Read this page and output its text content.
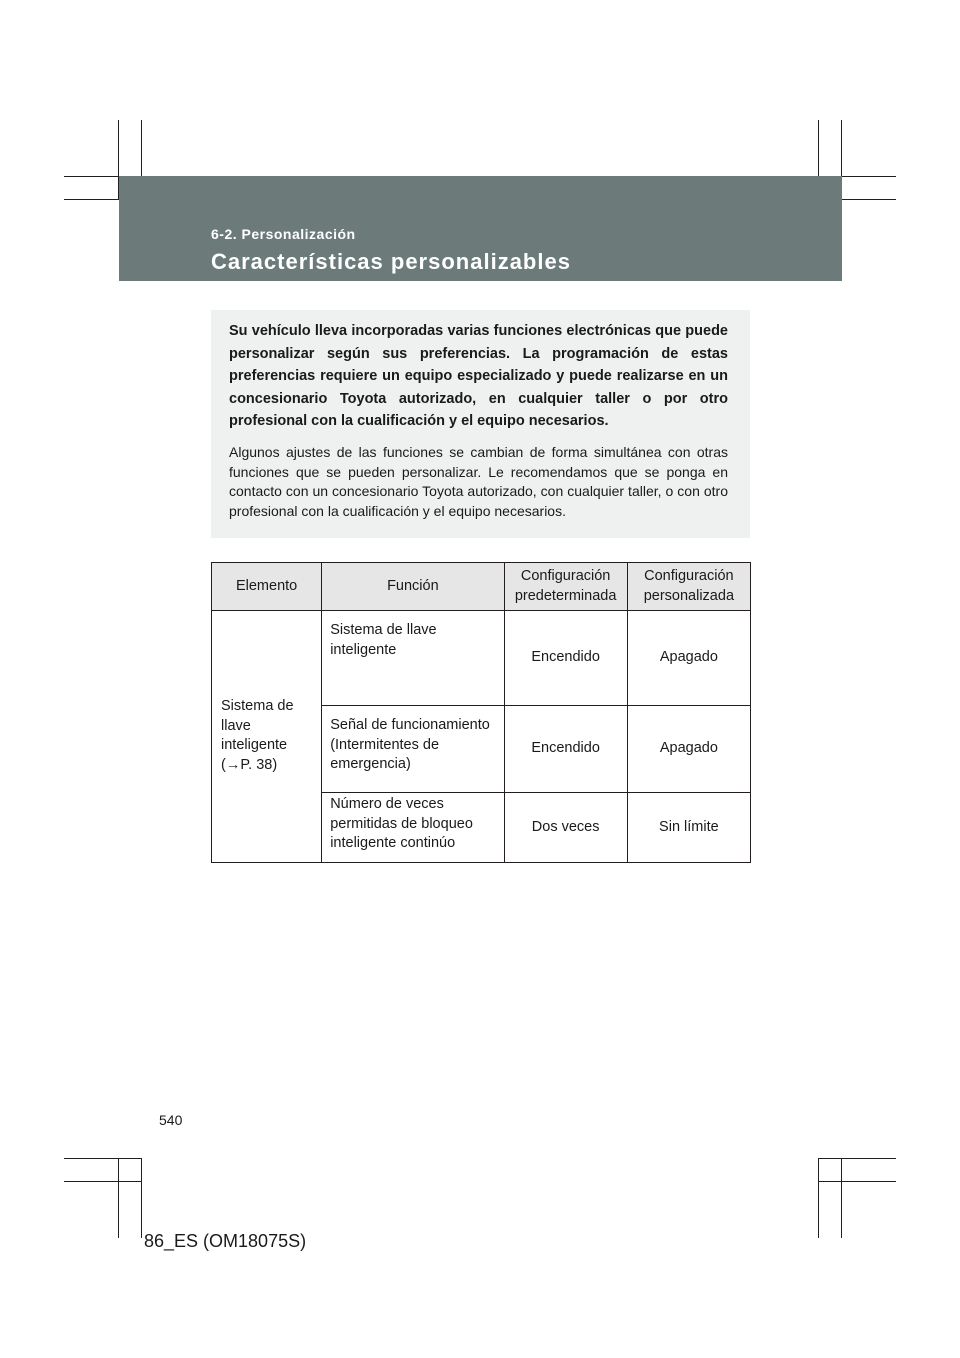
6-2. Personalización
Características personalizables

Su vehículo lleva incorporadas varias funciones electrónicas que puede personalizar según sus preferencias. La programación de estas preferencias requiere un equipo especializado y puede realizarse en un concesionario Toyota autorizado, en cualquier taller o por otro profesional con la cualificación y el equipo necesarios.

Algunos ajustes de las funciones se cambian de forma simultánea con otras funciones que se pueden personalizar. Le recomendamos que se ponga en contacto con un concesionario Toyota autorizado, con cualquier taller, o con otro profesional con la cualificación y el equipo necesarios.

Elemento	Función	Configuración predeterminada	Configuración personalizada
Sistema de llave inteligente (→P. 38)	Sistema de llave inteligente	Encendido	Apagado
	Señal de funcionamiento (Intermitentes de emergencia)	Encendido	Apagado
	Número de veces permitidas de bloqueo inteligente continúo	Dos veces	Sin límite
540
86_ES (OM18075S)
